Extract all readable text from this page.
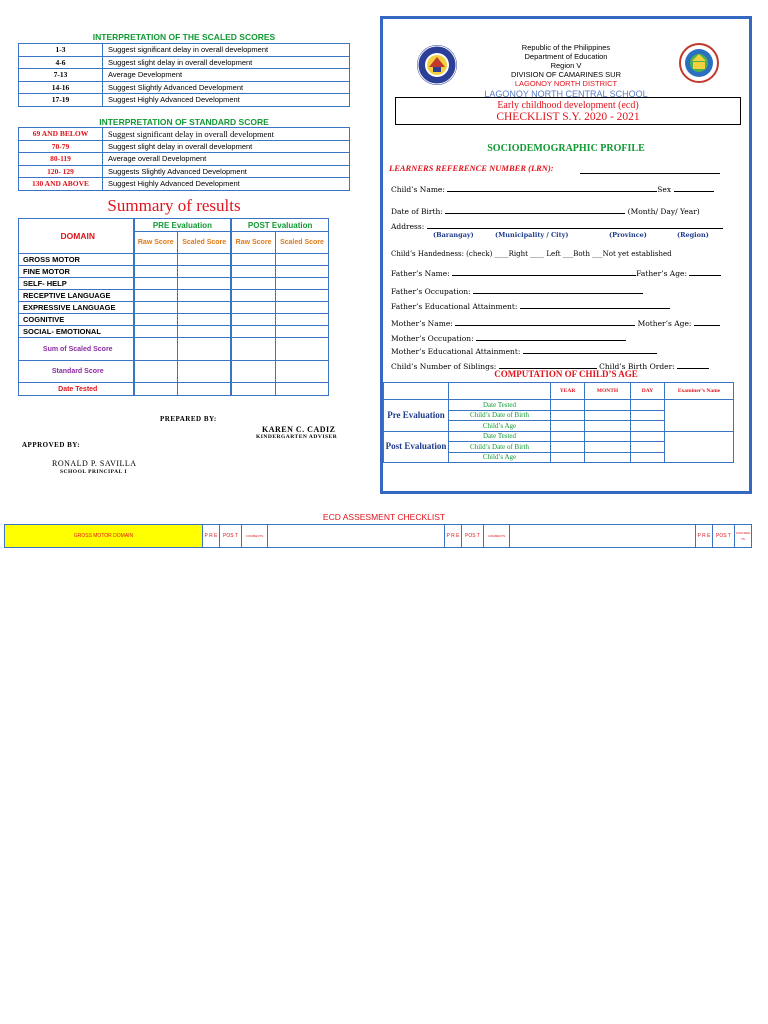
INTERPRETATION OF THE SCALED SCORES
1-3	Suggest significant delay in overall development
4-6	Suggest slight delay in overall development
7-13	Average Development
14-16	Suggest Slightly Advanced Development
17-19	Suggest Highly Advanced Development
INTERPRETATION OF STANDARD SCORE
69 AND BELOW	Suggest significant delay in overall development
70-79	Suggest slight delay in overall development
80-119	Average overall Development
120- 129	Suggests Slightly Advanced Development
130 AND ABOVE	Suggest Highly Advanced Development
Summary of results
DOMAIN	PRE Evaluation		POST Evaluation	
	Raw Score	Scaled Score	Raw Score	Scaled Score
GROSS MOTOR				
FINE MOTOR				
SELF- HELP				
RECEPTIVE LANGUAGE				
EXPRESSIVE LANGUAGE				
COGNITIVE				
SOCIAL- EMOTIONAL				
Sum of Scaled Score				
Standard Score				
Date Tested				
PREPARED BY:
KAREN C. CADIZ
KINDERGARTEN ADVISER
APPROVED BY:
RONALD P. SAVILLA
SCHOOL PRINCIPAL I
Republic of the Philippines
Department of Education
Region V
DIVISION OF CAMARINES SUR
LAGONOY NORTH DISTRICT
LAGONOY NORTH CENTRAL SCHOOL
Early childhood development (ecd)
CHECKLIST S.Y. 2020 - 2021
SOCIODEMOGRAPHIC PROFILE
LEARNERS REFERENCE NUMBER (LRN):
Child’s Name:	Sex
Date of Birth:	(Month/ Day/ Year)
Address:
(Barangay)	(Municipality / City)	(Province)	(Region)
Child’s Handedness: (check) ____Right ____ Left ___Both ___Not yet established
Father’s Name:	Father’s Age:
Father’s Occupation:
Father’s Educational Attainment:
Mother’s Name:	Mother’s Age:
Mother’s Occupation:
Mother’s Educational Attainment:
Child’s Number of Siblings:	Child’s Birth Order:
COMPUTATION OF CHILD’S AGE
		YEAR	MONTH	DAY	Examiner’s Name
Pre Evaluation	Date Tested				
	Child’s Date of Birth				
	Child’s Age				
Post Evaluation	Date Tested				
	Child’s Date of Birth				
	Child’s Age				
ECD ASSESMENT CHECKLIST
GROSS MOTOR DOMAIN	P R E	POS T	COMMENTS		P R E	POS T	COMMENTS		P R E	POS T	COM MEN TS
